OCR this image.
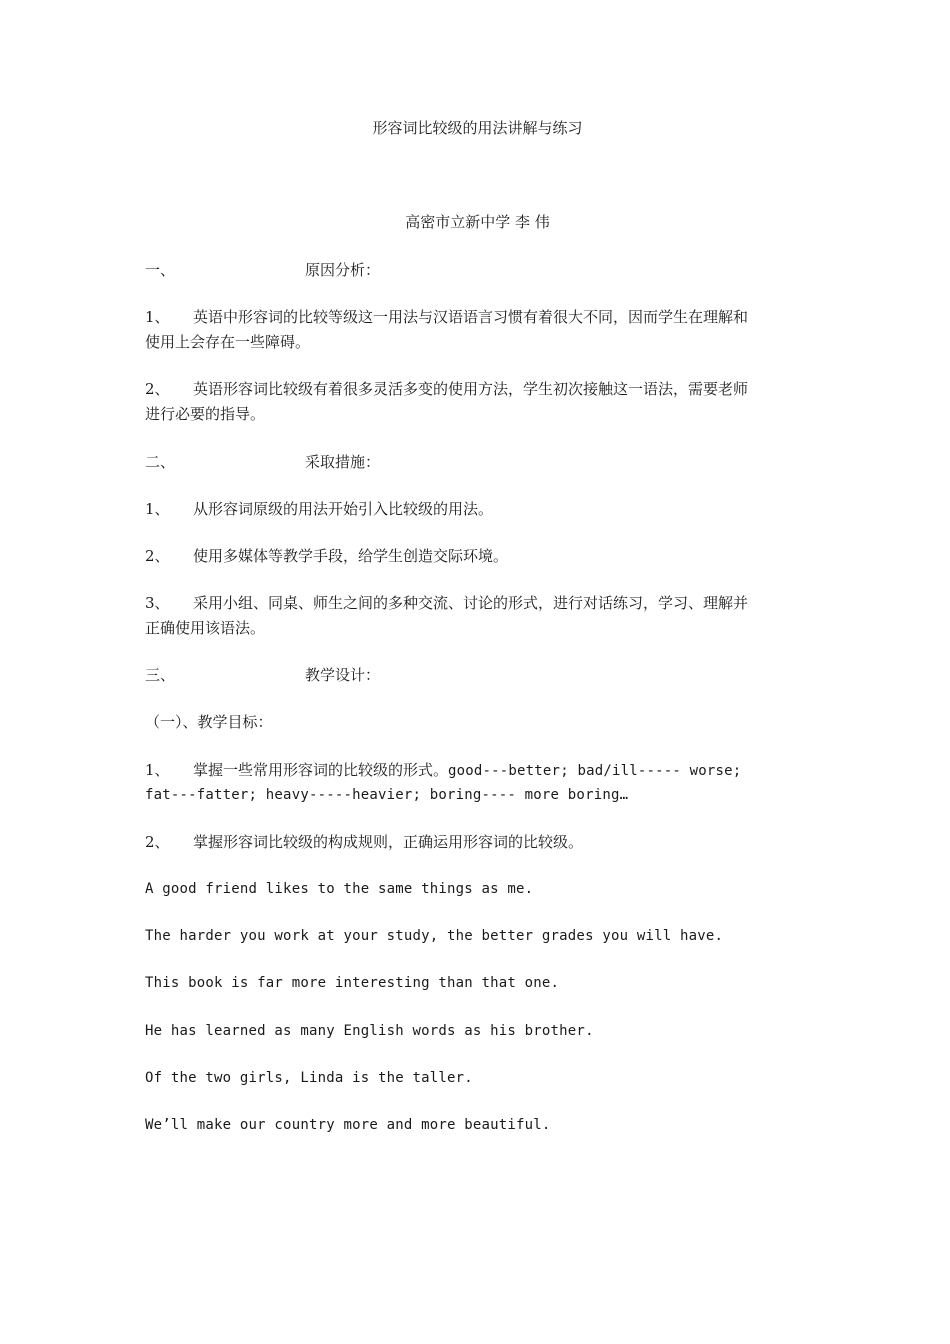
形容词比较级的用法讲解与练习
高密市立新中学 李 伟
一、	原因分析：
1、 英语中形容词的比较等级这一用法与汉语语言习惯有着很大不同，因而学生在理解和
使用上会存在一些障碍。
2、 英语形容词比较级有着很多灵活多变的使用方法，学生初次接触这一语法，需要老师
进行必要的指导。
二、	采取措施：
1、 从形容词原级的用法开始引入比较级的用法。
2、 使用多媒体等教学手段，给学生创造交际环境。
3、 采用小组、同桌、师生之间的多种交流、讨论的形式，进行对话练习，学习、理解并
正确使用该语法。
三、	教学设计：
（一）、教学目标：
1、 掌握一些常用形容词的比较级的形式。good---better; bad/ill----- worse;
fat---fatter; heavy-----heavier; boring---- more boring…
2、 掌握形容词比较级的构成规则，正确运用形容词的比较级。
A good friend likes to the same things as me.
The harder you work at your study, the better grades you will have.
This book is far more interesting than that one.
He has learned as many English words as his brother.
Of the two girls, Linda is the taller.
We’ll make our country more and more beautiful.
